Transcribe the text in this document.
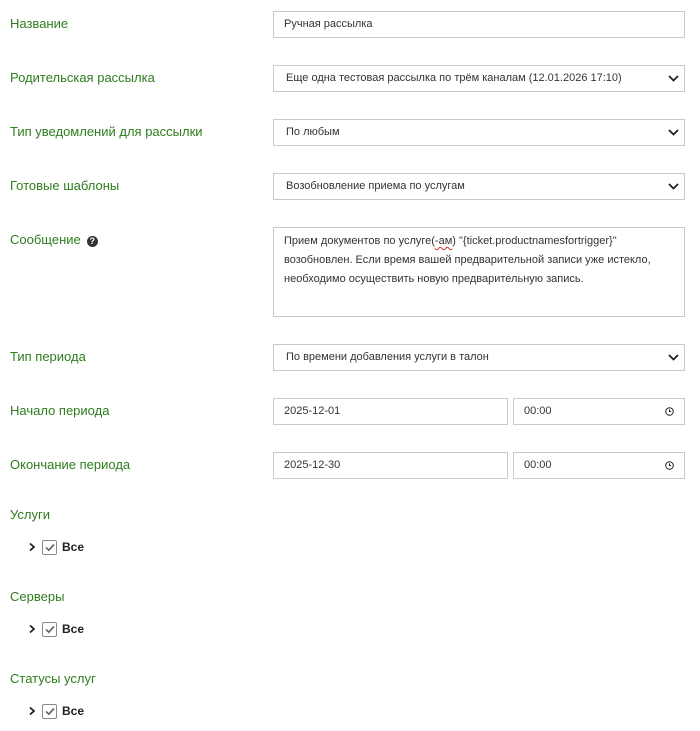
Название	Ручная рассылка
Родительская рассылка	Еще одна тестовая рассылка по трём каналам (12.01.2026 17:10)
Тип уведомлений для рассылки	По любым
Готовые шаблоны	Возобновление приема по услугам
Сообщение ?	Прием документов по услуге(-ам) "{ticket.productnamesfortrigger}" возобновлен. Если время вашей предварительной записи уже истекло, необходимо осуществить новую предварительную запись.
Тип периода	По времени добавления услуги в талон
Начало периода	2025-12-01	00:00
Окончание периода	2025-12-30	00:00
Услуги
Все
Серверы
Все
Статусы услуг
Все
